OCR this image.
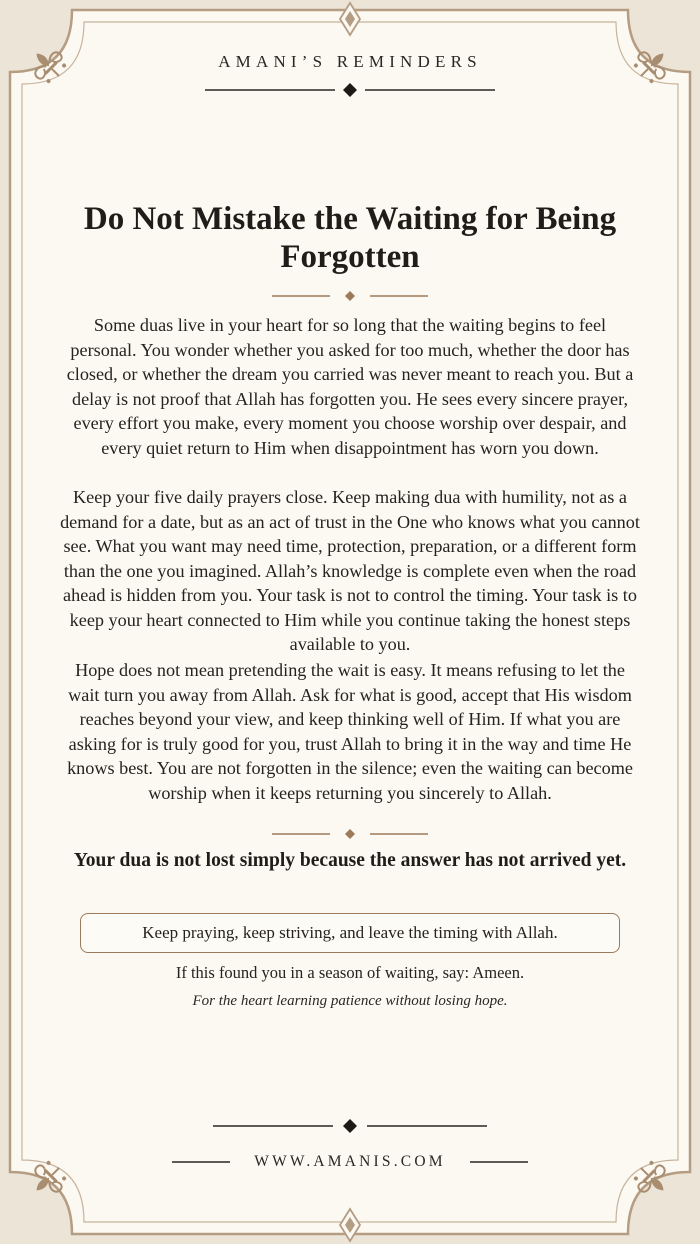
AMANI’S REMINDERS
Do Not Mistake the Waiting for Being Forgotten
Some duas live in your heart for so long that the waiting begins to feel personal. You wonder whether you asked for too much, whether the door has closed, or whether the dream you carried was never meant to reach you. But a delay is not proof that Allah has forgotten you. He sees every sincere prayer, every effort you make, every moment you choose worship over despair, and every quiet return to Him when disappointment has worn you down.
Keep your five daily prayers close. Keep making dua with humility, not as a demand for a date, but as an act of trust in the One who knows what you cannot see. What you want may need time, protection, preparation, or a different form than the one you imagined. Allah’s knowledge is complete even when the road ahead is hidden from you. Your task is not to control the timing. Your task is to keep your heart connected to Him while you continue taking the honest steps available to you.
Hope does not mean pretending the wait is easy. It means refusing to let the wait turn you away from Allah. Ask for what is good, accept that His wisdom reaches beyond your view, and keep thinking well of Him. If what you are asking for is truly good for you, trust Allah to bring it in the way and time He knows best. You are not forgotten in the silence; even the waiting can become worship when it keeps returning you sincerely to Allah.
Your dua is not lost simply because the answer has not arrived yet.
Keep praying, keep striving, and leave the timing with Allah.
If this found you in a season of waiting, say: Ameen.
For the heart learning patience without losing hope.
WWW.AMANIS.COM
